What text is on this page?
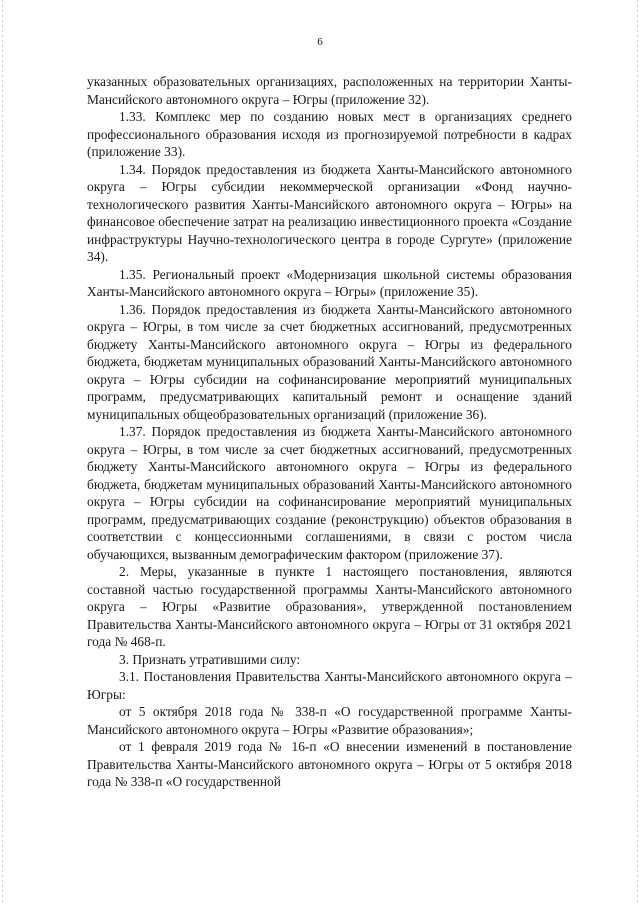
6

указанных образовательных организациях, расположенных на территории Ханты-Мансийского автономного округа – Югры (приложение 32).

1.33. Комплекс мер по созданию новых мест в организациях среднего профессионального образования исходя из прогнозируемой потребности в кадрах (приложение 33).

1.34. Порядок предоставления из бюджета Ханты-Мансийского автономного округа – Югры субсидии некоммерческой организации «Фонд научно-технологического развития Ханты-Мансийского автономного округа – Югры» на финансовое обеспечение затрат на реализацию инвестиционного проекта «Создание инфраструктуры Научно-технологического центра в городе Сургуте» (приложение 34).

1.35. Региональный проект «Модернизация школьной системы образования Ханты-Мансийского автономного округа – Югры» (приложение 35).

1.36. Порядок предоставления из бюджета Ханты-Мансийского автономного округа – Югры, в том числе за счет бюджетных ассигнований, предусмотренных бюджету Ханты-Мансийского автономного округа – Югры из федерального бюджета, бюджетам муниципальных образований Ханты-Мансийского автономного округа – Югры субсидии на софинансирование мероприятий муниципальных программ, предусматривающих капитальный ремонт и оснащение зданий муниципальных общеобразовательных организаций (приложение 36).

1.37. Порядок предоставления из бюджета Ханты-Мансийского автономного округа – Югры, в том числе за счет бюджетных ассигнований, предусмотренных бюджету Ханты-Мансийского автономного округа – Югры из федерального бюджета, бюджетам муниципальных образований Ханты-Мансийского автономного округа – Югры субсидии на софинансирование мероприятий муниципальных программ, предусматривающих создание (реконструкцию) объектов образования в соответствии с концессионными соглашениями, в связи с ростом числа обучающихся, вызванным демографическим фактором (приложение 37).

2. Меры, указанные в пункте 1 настоящего постановления, являются составной частью государственной программы Ханты-Мансийского автономного округа – Югры «Развитие образования», утвержденной постановлением Правительства Ханты-Мансийского автономного округа – Югры от 31 октября 2021 года № 468-п.

3. Признать утратившими силу:

3.1. Постановления Правительства Ханты-Мансийского автономного округа – Югры:

от 5 октября 2018 года № 338-п «О государственной программе Ханты-Мансийского автономного округа – Югры «Развитие образования»;

от 1 февраля 2019 года № 16-п «О внесении изменений в постановление Правительства Ханты-Мансийского автономного округа – Югры от 5 октября 2018 года № 338-п «О государственной
